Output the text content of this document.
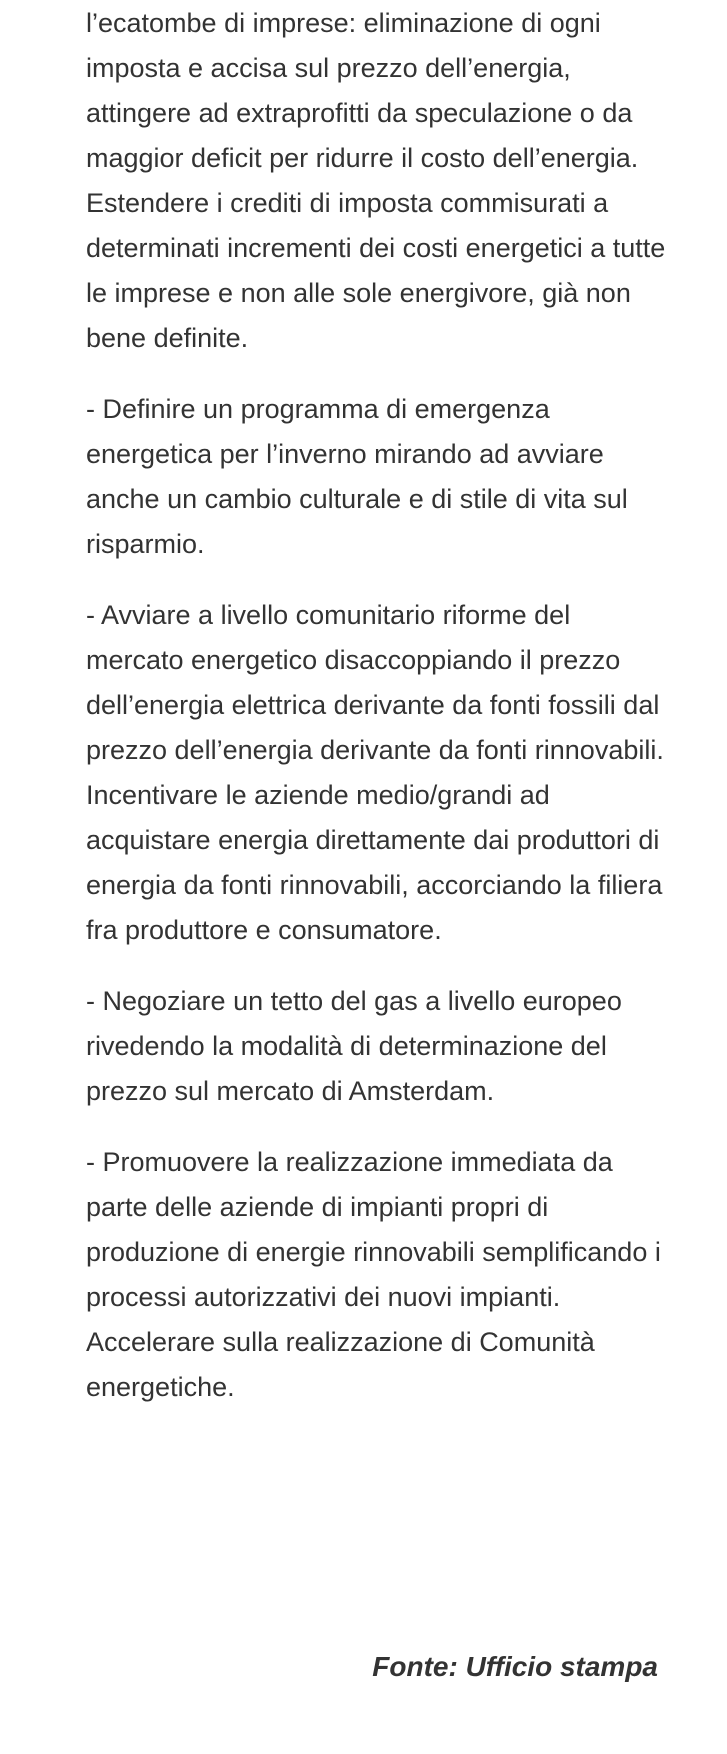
l’ecatombe di imprese: eliminazione di ogni imposta e accisa sul prezzo dell’energia, attingere ad extraprofitti da speculazione o da maggior deficit per ridurre il costo dell’energia. Estendere i crediti di imposta commisurati a determinati incrementi dei costi energetici a tutte le imprese e non alle sole energivore, già non bene definite.

- Definire un programma di emergenza energetica per l’inverno mirando ad avviare anche un cambio culturale e di stile di vita sul risparmio.

- Avviare a livello comunitario riforme del mercato energetico disaccoppiando il prezzo dell’energia elettrica derivante da fonti fossili dal prezzo dell’energia derivante da fonti rinnovabili. Incentivare le aziende medio/grandi ad acquistare energia direttamente dai produttori di energia da fonti rinnovabili, accorciando la filiera fra produttore e consumatore.

- Negoziare un tetto del gas a livello europeo rivedendo la modalità di determinazione del prezzo sul mercato di Amsterdam.

- Promuovere la realizzazione immediata da parte delle aziende di impianti propri di produzione di energie rinnovabili semplificando i processi autorizzativi dei nuovi impianti. Accelerare sulla realizzazione di Comunità energetiche.

Fonte: Ufficio stampa
